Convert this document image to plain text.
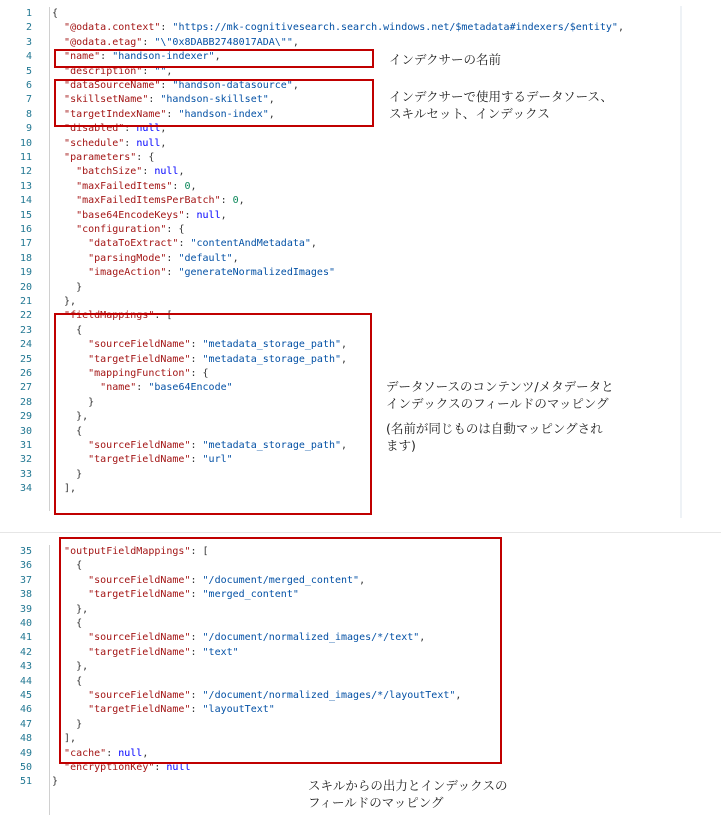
1 {
2	"@odata.context": "https://mk-cognitivesearch.search.windows.net/$metadata#indexers/$entity",
3	"@odata.etag": "\"0x8DABB2748017ADA\"",
4	"name": "handson-indexer",
5	"description": "",
6	"dataSourceName": "handson-datasource",
7	"skillsetName": "handson-skillset",
8	"targetIndexName": "handson-index",
9	"disabled": null,
10	"schedule": null,
11	"parameters": {
12	"batchSize": null,
13	"maxFailedItems": 0,
14	"maxFailedItemsPerBatch": 0,
15	"base64EncodeKeys": null,
16	"configuration": {
17	"dataToExtract": "contentAndMetadata",
18	"parsingMode": "default",
19	"imageAction": "generateNormalizedImages"
20 }
21 },
22	"fieldMappings": [
23 {
24	"sourceFieldName": "metadata_storage_path",
25	"targetFieldName": "metadata_storage_path",
26	"mappingFunction": {
27	"name": "base64Encode"
28 }
29 },
30 {
31	"sourceFieldName": "metadata_storage_path",
32	"targetFieldName": "url"
33 }
34 ],
35	"outputFieldMappings": [
36 {
37	"sourceFieldName": "/document/merged_content",
38	"targetFieldName": "merged_content"
39 },
40 {
41	"sourceFieldName": "/document/normalized_images/*/text",
42	"targetFieldName": "text"
43 },
44 {
45	"sourceFieldName": "/document/normalized_images/*/layoutText",
46	"targetFieldName": "layoutText"
47 }
48 ],
49	"cache": null,
50	"encryptionKey": null
51 }
インデクサーの名前
インデクサーで使用するデータソース、
スキルセット、インデックス
データソースのコンテンツ/メタデータと
インデックスのフィールドのマッピング
(名前が同じものは自動マッピングされ
ます)
スキルからの出力とインデックスの
フィールドのマッピング
